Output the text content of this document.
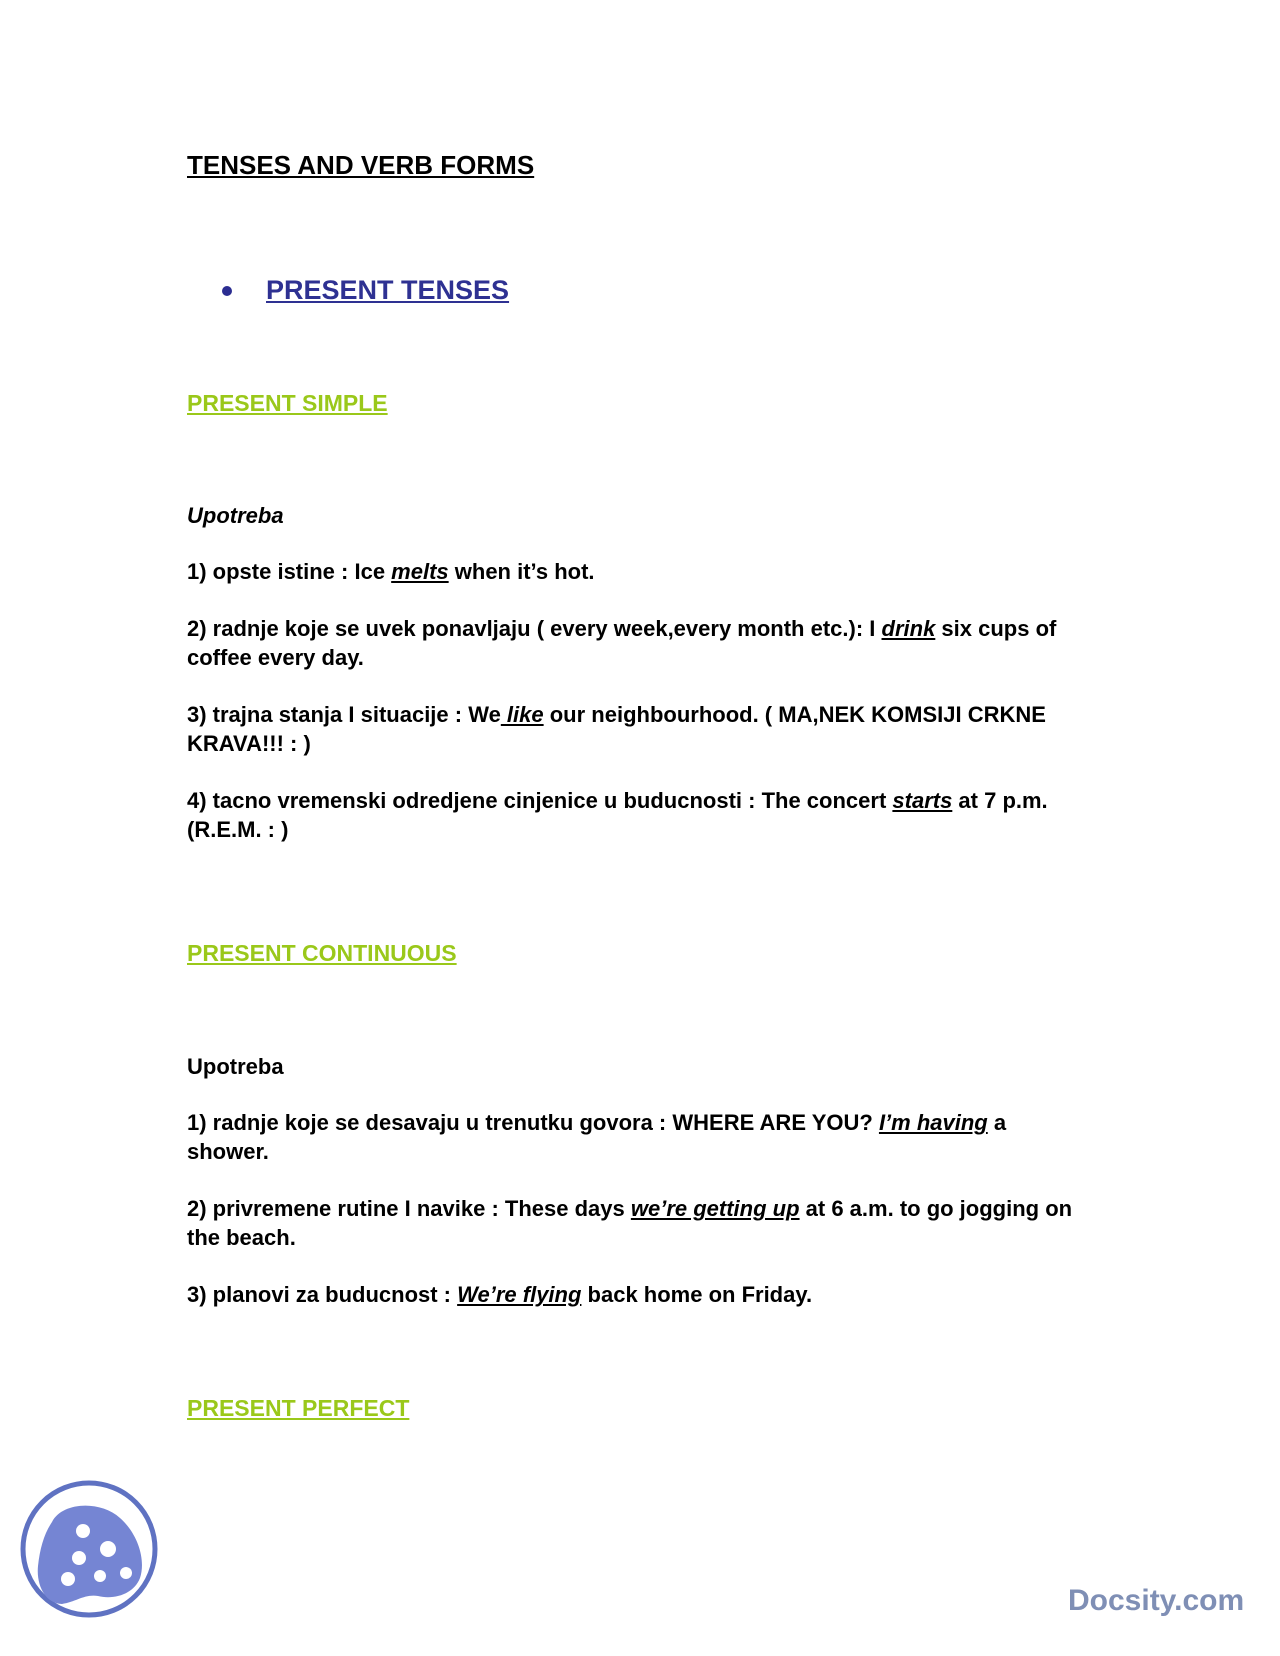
TENSES AND VERB FORMS
PRESENT TENSES
PRESENT SIMPLE
Upotreba
1) opste istine : Ice melts when it’s hot.
2) radnje koje se uvek ponavljaju ( every week,every month etc.): I drink six cups of coffee every day.
3) trajna stanja I situacije : We like our neighbourhood. ( MA,NEK KOMSIJI CRKNE KRAVA!!! : )
4) tacno vremenski odredjene cinjenice u buducnosti : The concert starts at 7 p.m. (R.E.M. : )
PRESENT CONTINUOUS
Upotreba
1) radnje koje se desavaju u trenutku govora : WHERE ARE YOU? I’m having a shower.
2) privremene rutine I navike : These days we’re getting up at 6 a.m. to go jogging on the beach.
3) planovi za buducnost : We’re flying back home on Friday.
PRESENT PERFECT
Docsity.com
